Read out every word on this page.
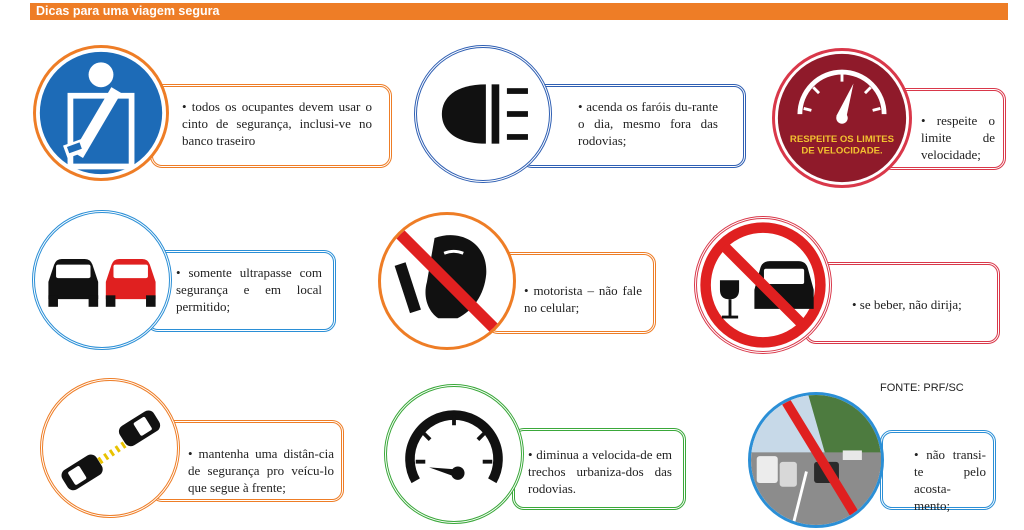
Dicas para uma viagem segura
• todos os ocupantes devem usar o cinto de segurança, inclusi-ve no banco traseiro
• acenda os faróis du-rante o dia, mesmo fora das rodovias;
• respeite o limite de velocidade;
RESPEITE OS LIMITES
DE VELOCIDADE.
• somente ultrapasse com segurança e em local permitido;
• motorista – não fale no celular;	• se beber, não dirija;
• mantenha uma distân-cia de segurança pro veícu-lo que segue à frente;
• diminua a velocida-de em trechos urbaniza-dos das rodovias.
FONTE: PRF/SC
• não transi-te pelo acosta-mento;
